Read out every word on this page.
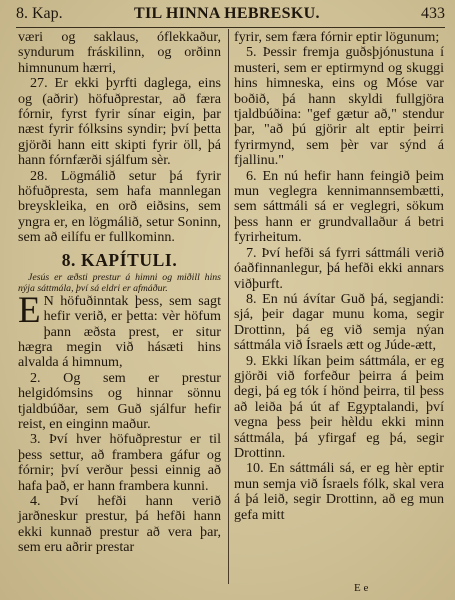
8. Kap.	TIL HINNA HEBRESKU.	433

væri og saklaus, óflekkaður, syndurum fráskilinn, og orðinn himnunum hærri,

27. Er ekki þyrfti daglega, eins og (aðrir) höfuðprestar, að færa fórnir, fyrst fyrir sínar eigin, þar næst fyrir fólksins syndir; því þetta gjörði hann eitt skipti fyrir öll, þá hann fórnfærði sjálfum sèr.

28. Lögmálið setur þá fyrir höfuðpresta, sem hafa mannlegan breyskleika, en orð eiðsins, sem yngra er, en lögmálið, setur Soninn, sem að eilífu er fullkominn.

8. KAPÍTULI.

Jesús er æðsti prestur á himni og miðill hins nýja sáttmála, því sá eldri er afmáður.

E N höfuðinntak þess, sem sagt hefir verið, er þetta: vèr höfum þann æðsta prest, er situr hægra megin við hásæti hins alvalda á himnum,

2. Og sem er prestur helgidómsins og hinnar sönnu tjaldbúðar, sem Guð sjálfur hefir reist, en einginn maður.

3. Því hver höfuðprestur er til þess settur, að frambera gáfur og fórnir; því verður þessi einnig að hafa það, er hann frambera kunni.

4. Því hefði hann verið jarðneskur prestur, þá hefði hann ekki kunnað prestur að vera þar, sem eru aðrir prestar

fyrir, sem færa fórnir eptir lögunum;

5. Þessir fremja guðsþjónustuna í musteri, sem er eptirmynd og skuggi hins himneska, eins og Móse var boðið, þá hann skyldi fullgjöra tjaldbúðina: "gef gætur að," stendur þar, "að þú gjörir alt eptir þeirri fyrirmynd, sem þèr var sýnd á fjallinu."

6. En nú hefir hann feingið þeim mun veglegra kennimannsembætti, sem sáttmáli sá er veglegri, sökum þess hann er grundvallaður á betri fyrirheitum.

7. Því hefði sá fyrri sáttmáli verið óaðfinnanlegur, þá hefði ekki annars viðþurft.

8. En nú ávítar Guð þá, segjandi: sjá, þeir dagar munu koma, segir Drottinn, þá eg við semja nýan sáttmála við Ísraels ætt og Júde-ætt,

9. Ekki líkan þeim sáttmála, er eg gjörði við forfeður þeirra á þeim degi, þá eg tók í hönd þeirra, til þess að leiða þá út af Egyptalandi, því vegna þess þeir hèldu ekki minn sáttmála, þá yfirgaf eg þá, segir Drottinn.

10. En sáttmáli sá, er eg hèr eptir mun semja við Ísraels fólk, skal vera á þá leið, segir Drottinn, að eg mun gefa mitt

E e
